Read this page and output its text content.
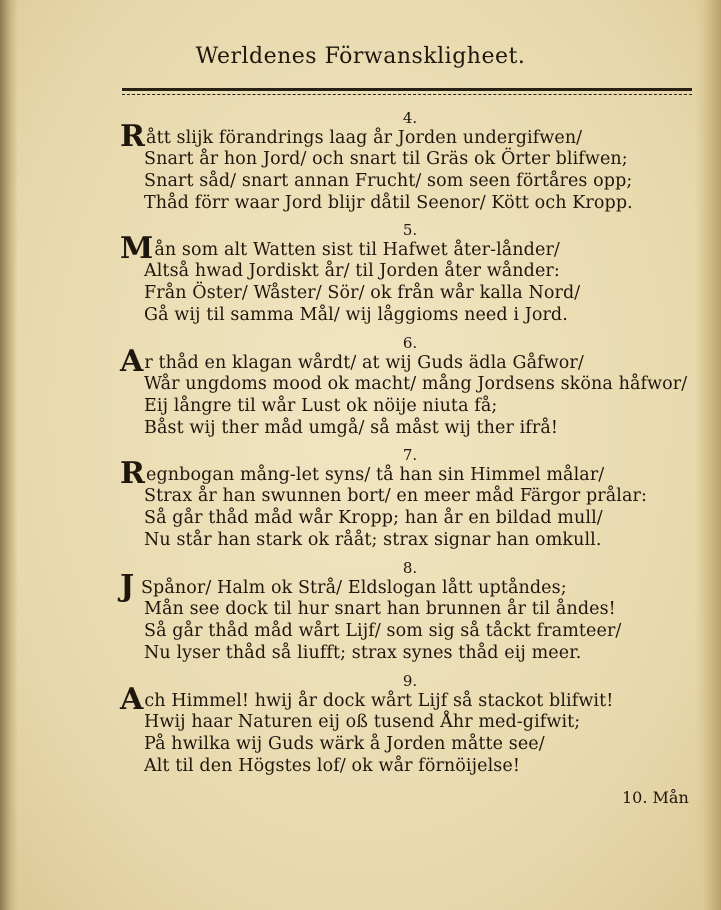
Werldenes Förwanskligheet.
4.
Rått slijk förandrings laag år Jorden undergifwen/
Snart år hon Jord/ och snart til Gräs ok Örter blifwen;
Snart såd/ snart annan Frucht/ som seen förtåres opp;
Thåd förr waar Jord blijr dåtil Seenor/ Kött och Kropp.
5.
Mån som alt Watten sist til Hafwet åter-lånder/
Altså hwad Jordiskt år/ til Jorden åter wånder:
Från Öster/ Wåster/ Sör/ ok från wår kalla Nord/
Gå wij til samma Mål/ wij låggioms need i Jord.
6.
Ar thåd en klagan wårdt/ at wij Guds ädla Gåfwor/
Wår ungdoms mood ok macht/ mång Jordsens sköna håfwor/
Eij långre til wår Lust ok nöije niuta få;
Båst wij ther måd umgå/ så måst wij ther ifrå!
7.
Regnbogan mång-let syns/ tå han sin Himmel målar/
Strax år han swunnen bort/ en meer måd Färgor prålar:
Så går thåd måd wår Kropp; han år en bildad mull/
Nu står han stark ok rååt; strax signar han omkull.
8.
J Spånor/ Halm ok Strå/ Eldslogan lått uptåndes;
Mån see dock til hur snart han brunnen år til åndes!
Så går thåd måd wårt Lijf/ som sig så tåckt framteer/
Nu lyser thåd så liufft; strax synes thåd eij meer.
9.
Ach Himmel! hwij år dock wårt Lijf så stackot blifwit!
Hwij haar Naturen eij oß tusend Åhr med-gifwit;
På hwilka wij Guds wärk å Jorden måtte see/
Alt til den Högstes lof/ ok wår förnöijelse!
10. Mån
